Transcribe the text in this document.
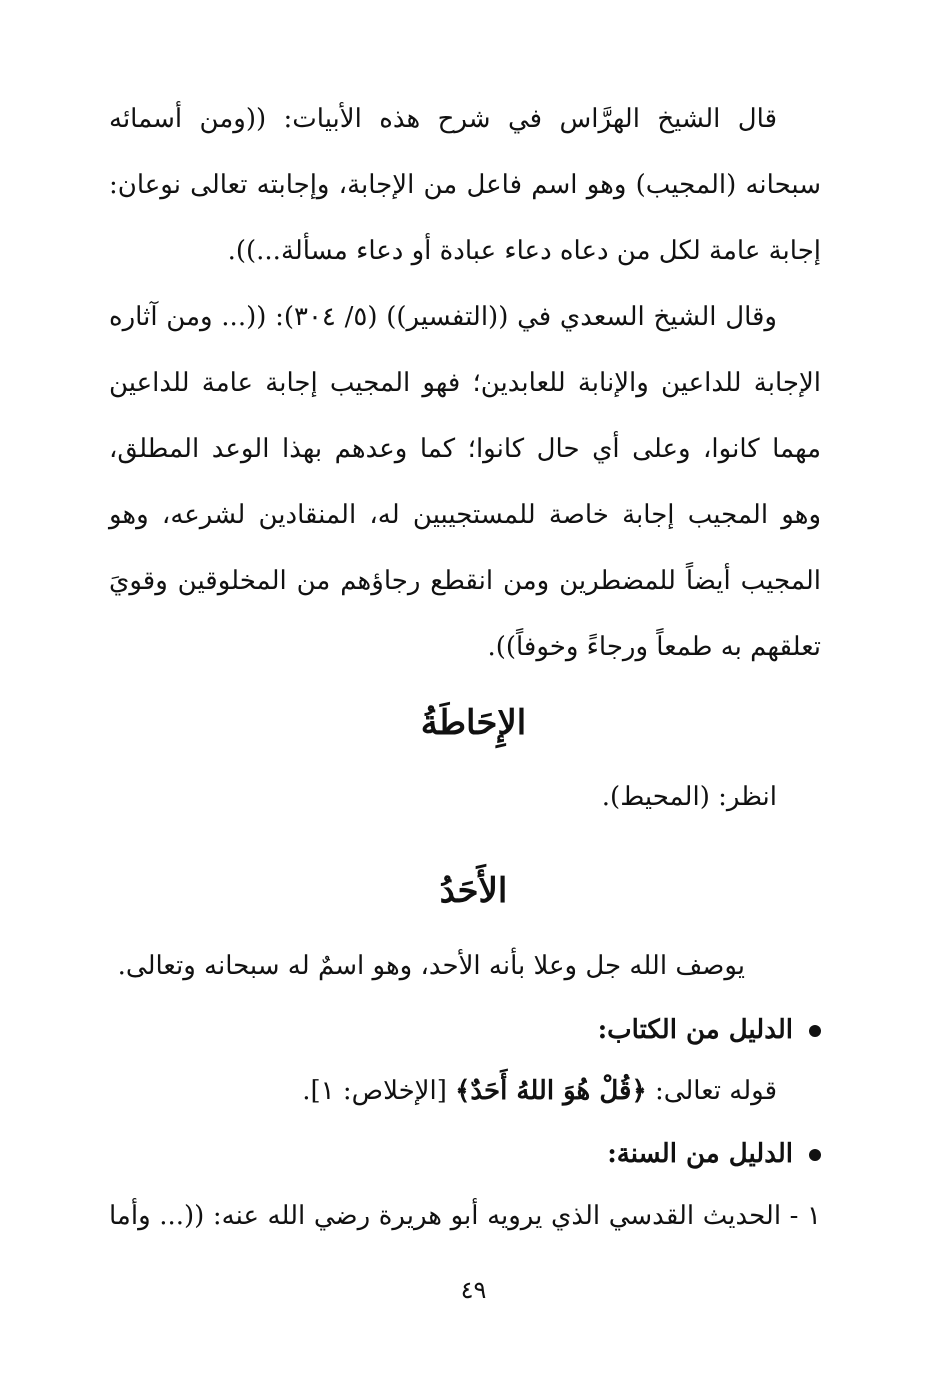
قال الشيخ الهرَّاس في شرح هذه الأبيات: ((ومن أسمائه سبحانه (المجيب) وهو اسم فاعل من الإجابة، وإجابته تعالى نوعان: إجابة عامة لكل من دعاه دعاء عبادة أو دعاء مسألة...)).

وقال الشيخ السعدي في ((التفسير)) (٥/ ٣٠٤): ((... ومن آثاره الإجابة للداعين والإنابة للعابدين؛ فهو المجيب إجابة عامة للداعين مهما كانوا، وعلى أي حال كانوا؛ كما وعدهم بهذا الوعد المطلق، وهو المجيب إجابة خاصة للمستجيبين له، المنقادين لشرعه، وهو المجيب أيضاً للمضطرين ومن انقطع رجاؤهم من المخلوقين وقويَ تعلقهم به طمعاً ورجاءً وخوفاً)).

الإِحَاطَةُ
انظر: (المحيط).
الأَحَدُ
يوصف الله جل وعلا بأنه الأحد، وهو اسمٌ له سبحانه وتعالى.
الدليل من الكتاب:
قوله تعالى: ﴿قُلْ هُوَ اللهُ أَحَدٌ﴾ [الإخلاص: ١].
الدليل من السنة:
١ - الحديث القدسي الذي يرويه أبو هريرة رضي الله عنه: ((... وأما
٤٩
